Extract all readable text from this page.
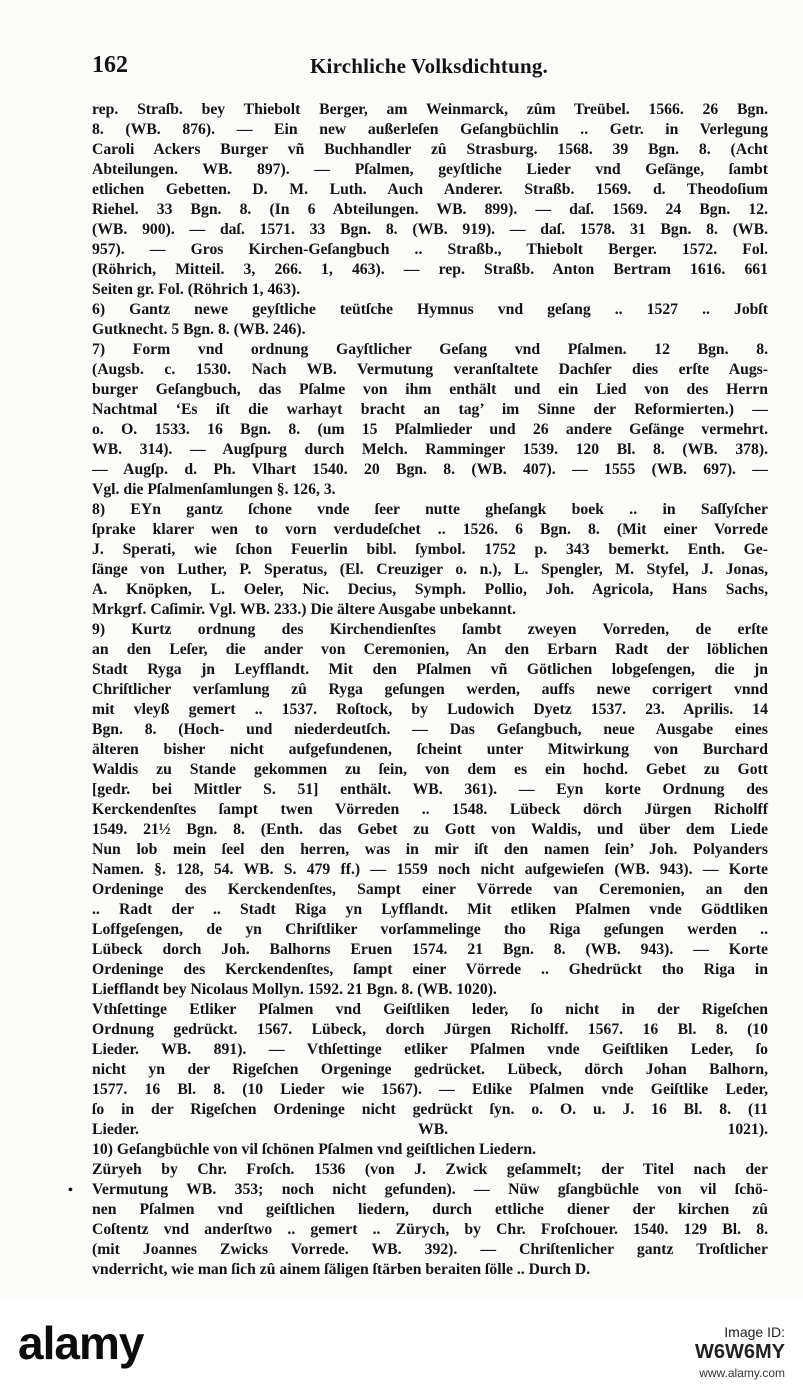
162	Kirchliche Volksdichtung.
rep. Straſb. bey Thiebolt Berger, am Weinmarck, zûm Treübel. 1566. 26 Bgn.
8. (WB. 876). — Ein new außerleſen Geſangbüchlin .. Getr. in Verlegung
Caroli Ackers Burger vñ Buchhandler zû Strasburg. 1568. 39 Bgn. 8. (Acht
Abteilungen. WB. 897). — Pſalmen, geyſtliche Lieder vnd Geſänge, ſambt
etlichen Gebetten. D. M. Luth. Auch Anderer. Straßb. 1569. d. Theodoſium
Riehel. 33 Bgn. 8. (In 6 Abteilungen. WB. 899). — daſ. 1569. 24 Bgn. 12.
(WB. 900). — daſ. 1571. 33 Bgn. 8. (WB. 919). — daſ. 1578. 31 Bgn. 8. (WB.
957). — Gros Kirchen-Geſangbuch .. Straßb., Thiebolt Berger. 1572. Fol.
(Röhrich, Mitteil. 3, 266. 1, 463). — rep. Straßb. Anton Bertram 1616. 661
Seiten gr. Fol. (Röhrich 1, 463).
6) Gantz newe geyſtliche teütſche Hymnus vnd geſang .. 1527 .. Jobſt
Gutknecht. 5 Bgn. 8. (WB. 246).
7) Form vnd ordnung Gayſtlicher Geſang vnd Pſalmen. 12 Bgn. 8.
(Augsb. c. 1530. Nach WB. Vermutung veranſtaltete Dachſer dies erſte Augs-
burger Geſangbuch, das Pſalme von ihm enthält und ein Lied von des Herrn
Nachtmal ‘Es iſt die warhayt bracht an tag’ im Sinne der Reformierten.) —
o. O. 1533. 16 Bgn. 8. (um 15 Pſalmlieder und 26 andere Geſänge vermehrt.
WB. 314). — Augſpurg durch Melch. Ramminger 1539. 120 Bl. 8. (WB. 378).
— Augſp. d. Ph. Vlhart 1540. 20 Bgn. 8. (WB. 407). — 1555 (WB. 697). —
Vgl. die Pſalmenſamlungen §. 126, 3.
8) EYn gantz ſchone vnde ſeer nutte gheſangk boek .. in Saſſyſcher
ſprake klarer wen to vorn verdudeſchet .. 1526. 6 Bgn. 8. (Mit einer Vorrede
J. Sperati, wie ſchon Feuerlin bibl. ſymbol. 1752 p. 343 bemerkt. Enth. Ge-
ſänge von Luther, P. Speratus, (El. Creuziger o. n.), L. Spengler, M. Styfel, J. Jonas,
A. Knöpken, L. Oeler, Nic. Decius, Symph. Pollio, Joh. Agricola, Hans Sachs,
Mrkgrf. Caſimir. Vgl. WB. 233.) Die ältere Ausgabe unbekannt.
9) Kurtz ordnung des Kirchendienſtes ſambt zweyen Vorreden, de erſte
an den Leſer, die ander von Ceremonien, An den Erbarn Radt der löblichen
Stadt Ryga jn Leyfflandt. Mit den Pſalmen vñ Götlichen lobgeſengen, die jn
Chriſtlicher verſamlung zû Ryga geſungen werden, auffs newe corrigert vnnd
mit vleyß gemert .. 1537. Roſtock, by Ludowich Dyetz 1537. 23. Aprilis. 14
Bgn. 8. (Hoch- und niederdeutſch. — Das Geſangbuch, neue Ausgabe eines
älteren bisher nicht aufgefundenen, ſcheint unter Mitwirkung von Burchard
Waldis zu Stande gekommen zu ſein, von dem es ein hochd. Gebet zu Gott
[gedr. bei Mittler S. 51] enthält. WB. 361). — Eyn korte Ordnung des
Kerckendenſtes ſampt twen Vörreden .. 1548. Lübeck dörch Jürgen Richolff
1549. 21½ Bgn. 8. (Enth. das Gebet zu Gott von Waldis, und über dem Liede
Nun lob mein ſeel den herren, was in mir iſt den namen ſein’ Joh. Polyanders
Namen. §. 128, 54. WB. S. 479 ff.) — 1559 noch nicht aufgewieſen (WB. 943). — Korte
Ordeninge des Kerckendenſtes, Sampt einer Vörrede van Ceremonien, an den
.. Radt der .. Stadt Riga yn Lyfflandt. Mit etliken Pſalmen vnde Gödtliken
Loffgeſengen, de yn Chriſtliker vorſammelinge tho Riga geſungen werden ..
Lübeck dorch Joh. Balhorns Eruen 1574. 21 Bgn. 8. (WB. 943). — Korte
Ordeninge des Kerckendenſtes, ſampt einer Vörrede .. Ghedrückt tho Riga in
Liefflandt bey Nicolaus Mollyn. 1592. 21 Bgn. 8. (WB. 1020).
Vthſettinge Etliker Pſalmen vnd Geiſtliken leder, ſo nicht in der Rigeſchen
Ordnung gedrückt. 1567. Lübeck, dorch Jürgen Richolff. 1567. 16 Bl. 8. (10
Lieder. WB. 891). — Vthſettinge etliker Pſalmen vnde Geiſtliken Leder, ſo
nicht yn der Rigeſchen Orgeninge gedrücket. Lübeck, dörch Johan Balhorn,
1577. 16 Bl. 8. (10 Lieder wie 1567). — Etlike Pſalmen vnde Geiſtlike Leder,
ſo in der Rigeſchen Ordeninge nicht gedrückt ſyn. o. O. u. J. 16 Bl. 8. (11
Lieder. WB. 1021).
10) Geſangbüchle von vil ſchönen Pſalmen vnd geiſtlichen Liedern.
Züryeh by Chr. Froſch. 1536 (von J. Zwick geſammelt; der Titel nach der
Vermutung WB. 353; noch nicht gefunden). — Nüw gſangbüchle von vil ſchö-
nen Pſalmen vnd geiſtlichen liedern, durch ettliche diener der kirchen zû
Coſtentz vnd anderſtwo .. gemert .. Zürych, by Chr. Froſchouer. 1540. 129 Bl. 8.
(mit Joannes Zwicks Vorrede. WB. 392). — Chriſtenlicher gantz Troſtlicher
vnderricht, wie man ſich zû ainem ſäligen ſtärben beraiten ſölle .. Durch D.
•
alamy	Image ID:
W6W6MY
www.alamy.com
